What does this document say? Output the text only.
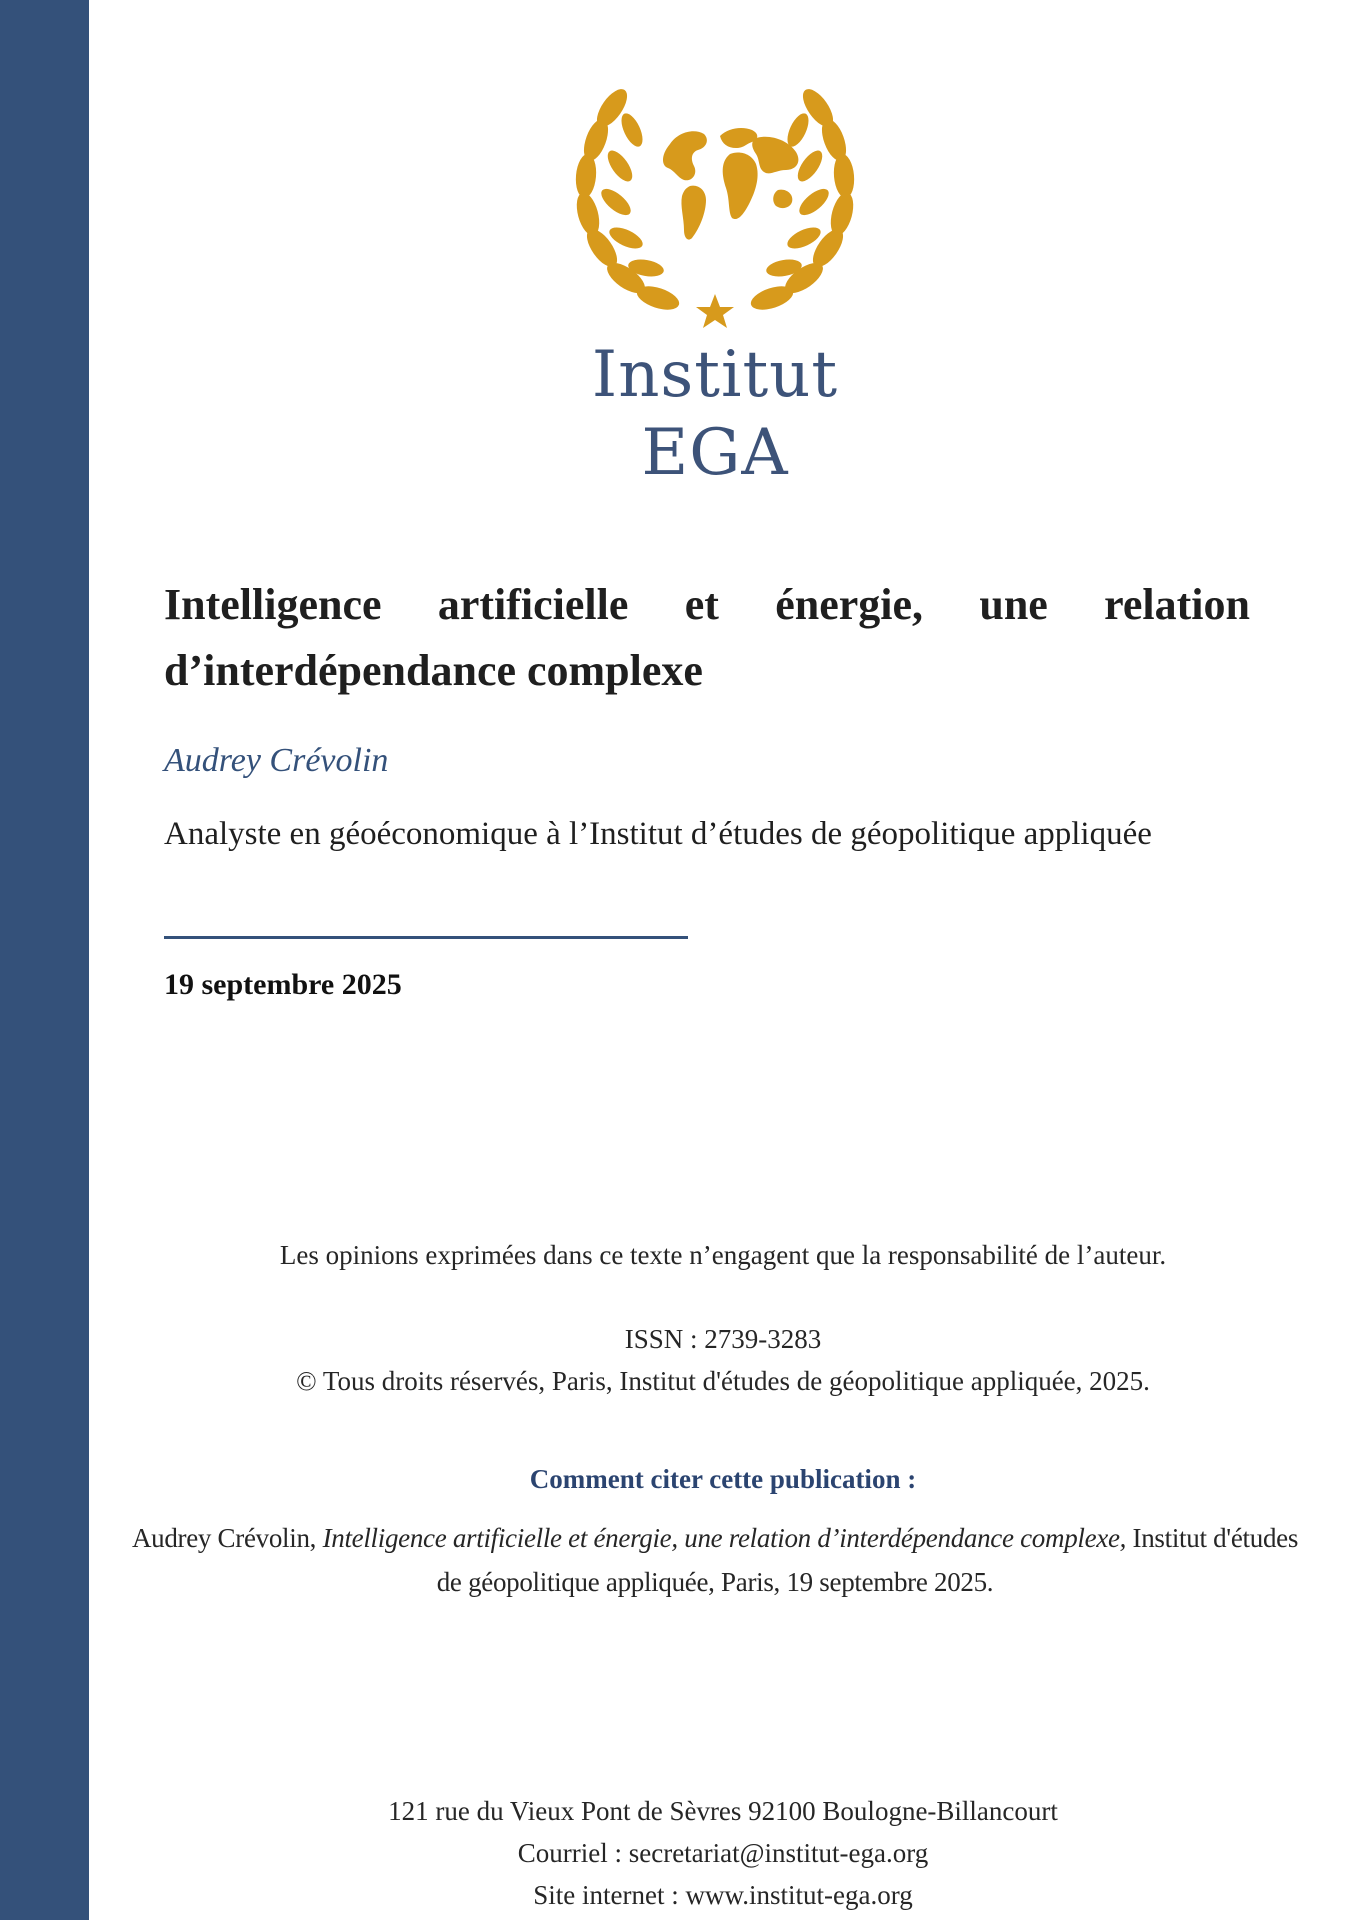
Institut
EGA
Intelligence artificielle et énergie, une relation d’interdépendance complexe
Audrey Crévolin

Analyste en géoéconomique à l’Institut d’études de géopolitique appliquée

19 septembre 2025
Les opinions exprimées dans ce texte n’engagent que la responsabilité de l’auteur.
ISSN : 2739-3283
© Tous droits réservés, Paris, Institut d'études de géopolitique appliquée, 2025.
Comment citer cette publication :

Audrey Crévolin, Intelligence artificielle et énergie, une relation d’interdépendance complexe, Institut d'études de géopolitique appliquée, Paris, 19 septembre 2025.

121 rue du Vieux Pont de Sèvres 92100 Boulogne-Billancourt
Courriel : secretariat@institut-ega.org
Site internet : www.institut-ega.org
